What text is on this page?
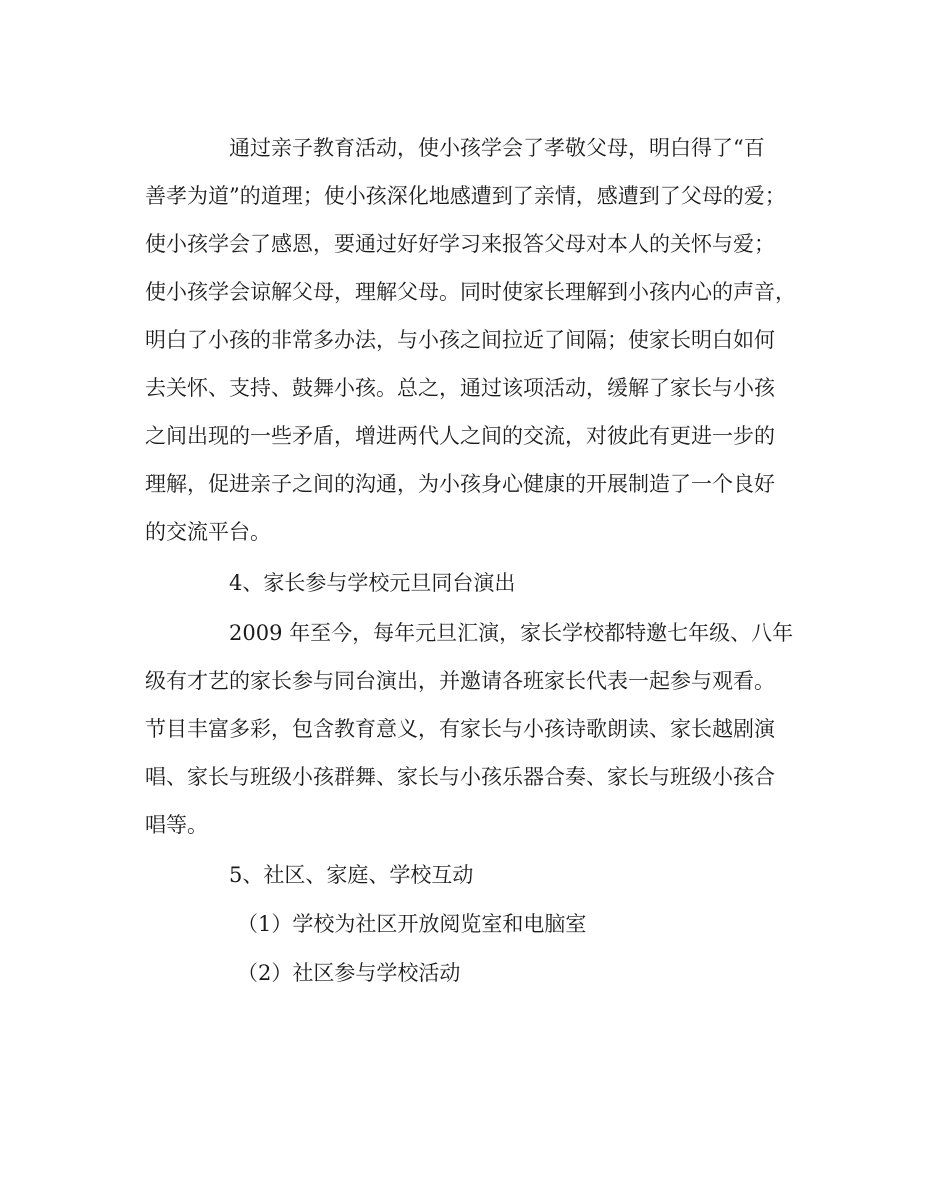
通过亲子教育活动，使小孩学会了孝敬父母，明白得了“百

善孝为道”的道理；使小孩深化地感遭到了亲情，感遭到了父母的爱；

使小孩学会了感恩，要通过好好学习来报答父母对本人的关怀与爱；

使小孩学会谅解父母，理解父母。同时使家长理解到小孩内心的声音，

明白了小孩的非常多办法，与小孩之间拉近了间隔；使家长明白如何

去关怀、支持、鼓舞小孩。总之，通过该项活动，缓解了家长与小孩

之间出现的一些矛盾，增进两代人之间的交流，对彼此有更进一步的

理解，促进亲子之间的沟通，为小孩身心健康的开展制造了一个良好

的交流平台。

4、家长参与学校元旦同台演出

2009 年至今，每年元旦汇演，家长学校都特邀七年级、八年

级有才艺的家长参与同台演出，并邀请各班家长代表一起参与观看。

节目丰富多彩，包含教育意义，有家长与小孩诗歌朗读、家长越剧演

唱、家长与班级小孩群舞、家长与小孩乐器合奏、家长与班级小孩合

唱等。

5、社区、家庭、学校互动

（1）学校为社区开放阅览室和电脑室

（2）社区参与学校活动
